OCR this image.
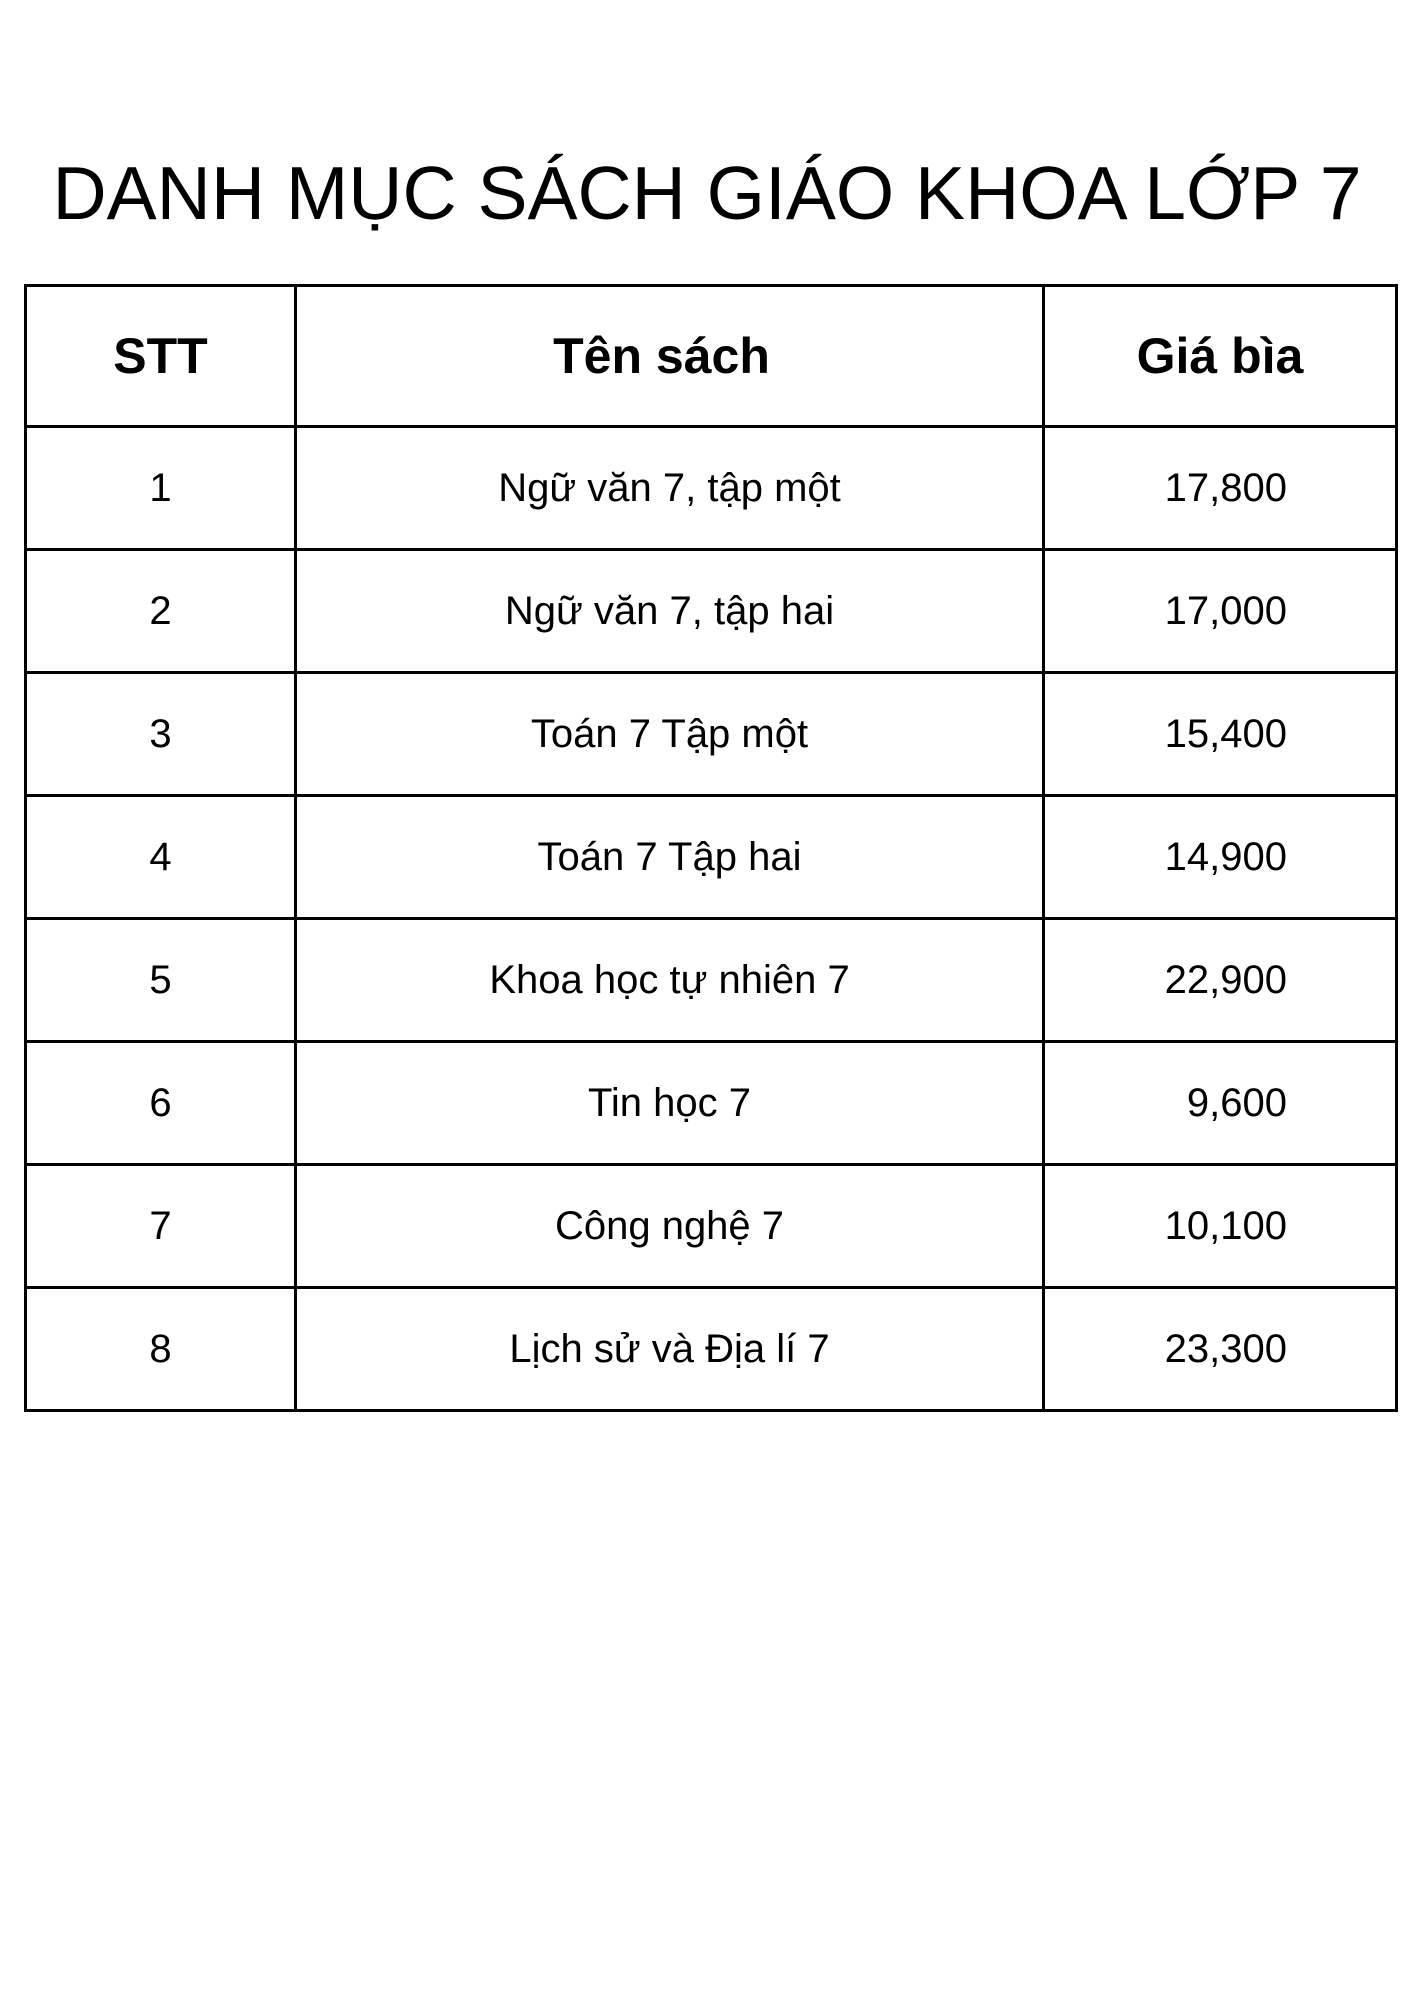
DANH MỤC SÁCH GIÁO KHOA LỚP 7
STT	Tên sách	Giá bìa
1	Ngữ văn 7, tập một	17,800
2	Ngữ văn 7, tập hai	17,000
3	Toán 7 Tập một	15,400
4	Toán 7 Tập hai	14,900
5	Khoa học tự nhiên 7	22,900
6	Tin học 7	9,600
7	Công nghệ 7	10,100
8	Lịch sử và Địa lí 7	23,300
